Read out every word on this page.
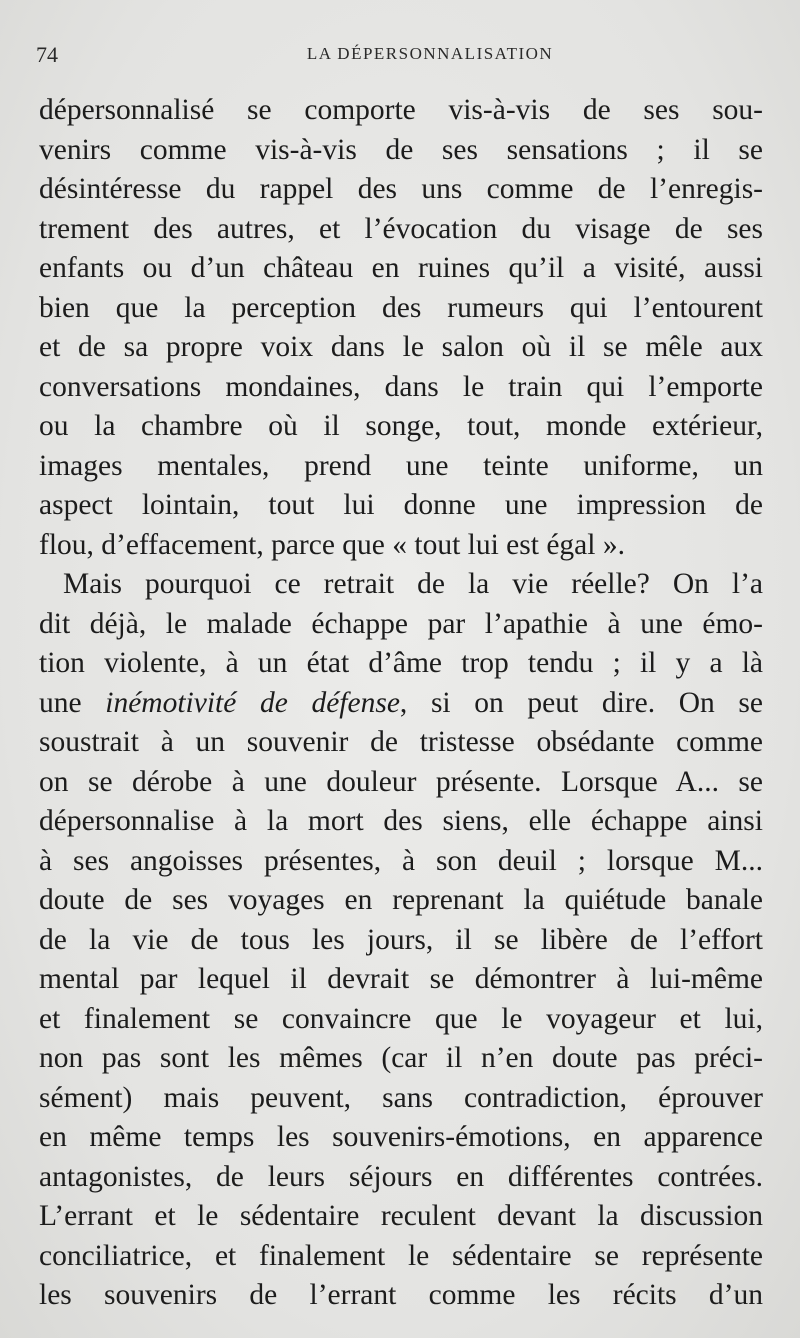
74	LA DÉPERSONNALISATION
dépersonnalisé se comporte vis-à-vis de ses sou-
venirs comme vis-à-vis de ses sensations ; il se
désintéresse du rappel des uns comme de l’enregis-
trement des autres, et l’évocation du visage de ses
enfants ou d’un château en ruines qu’il a visité, aussi
bien que la perception des rumeurs qui l’entourent
et de sa propre voix dans le salon où il se mêle aux
conversations mondaines, dans le train qui l’emporte
ou la chambre où il songe, tout, monde extérieur,
images mentales, prend une teinte uniforme, un
aspect lointain, tout lui donne une impression de
flou, d’effacement, parce que « tout lui est égal ».
Mais pourquoi ce retrait de la vie réelle? On l’a
dit déjà, le malade échappe par l’apathie à une émo-
tion violente, à un état d’âme trop tendu ; il y a là
une inémotivité de défense, si on peut dire. On se
soustrait à un souvenir de tristesse obsédante comme
on se dérobe à une douleur présente. Lorsque A... se
dépersonnalise à la mort des siens, elle échappe ainsi
à ses angoisses présentes, à son deuil ; lorsque M...
doute de ses voyages en reprenant la quiétude banale
de la vie de tous les jours, il se libère de l’effort
mental par lequel il devrait se démontrer à lui-même
et finalement se convaincre que le voyageur et lui,
non pas sont les mêmes (car il n’en doute pas préci-
sément) mais peuvent, sans contradiction, éprouver
en même temps les souvenirs-émotions, en apparence
antagonistes, de leurs séjours en différentes contrées.
L’errant et le sédentaire reculent devant la discussion
conciliatrice, et finalement le sédentaire se représente
les souvenirs de l’errant comme les récits d’un
